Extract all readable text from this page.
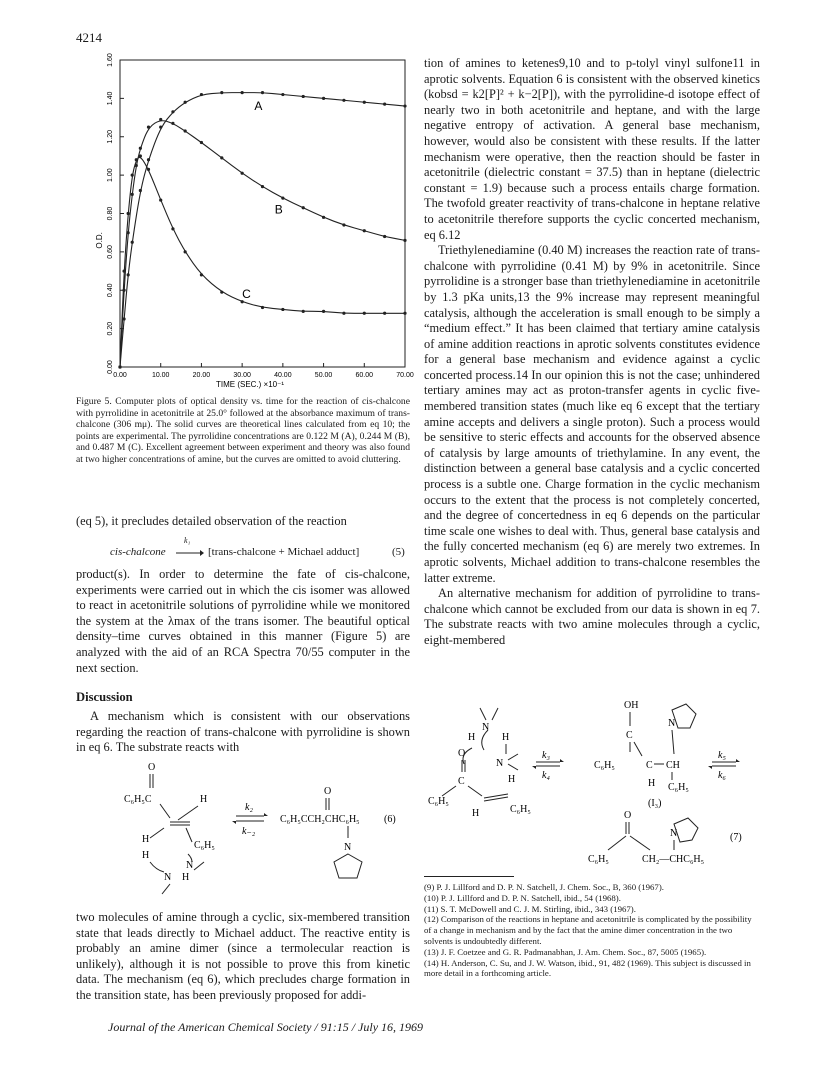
4214
0.00
0.20
0.40
0.60
0.80
1.00
1.20
1.40
1.60
0.00	10.00	20.00	30.00	40.00	50.00	60.00	70.00
A
B
C
O.D.
TIME (SEC.) ×10⁻¹
Figure 5. Computer plots of optical density vs. time for the reaction of cis-chalcone with pyrrolidine in acetonitrile at 25.0° followed at the absorbance maximum of trans-chalcone (306 mμ). The solid curves are theoretical lines calculated from eq 10; the points are experimental. The pyrrolidine concentrations are 0.122 M (A), 0.244 M (B), and 0.487 M (C). Excellent agreement between experiment and theory was also found at two higher concentrations of amine, but the curves are omitted to avoid cluttering.

(eq 5), it precludes detailed observation of the reaction

cis-chalcone
k₁
[trans-chalcone + Michael adduct]	(5)

product(s). In order to determine the fate of cis-chalcone, experiments were carried out in which the cis isomer was allowed to react in acetonitrile solutions of pyrrolidine while we monitored the system at the λmax of the trans isomer. The beautiful optical density–time curves obtained in this manner (Figure 5) are analyzed with the aid of an RCA Spectra 70/55 computer in the next section.

Discussion

A mechanism which is consistent with our observations regarding the reaction of trans-chalcone with pyrrolidine is shown in eq 6. The substrate reacts with

O
C₆H₅C	H
H
C₆H₅
H
N
N H
k₂
k₋₂
O
C₆H₅CCH₂CHC₆H₅
N
(6)

two molecules of amine through a cyclic, six-membered transition state that leads directly to Michael adduct. The reactive entity is probably an amine dimer (since a termolecular reaction is unlikely), although it is not possible to prove this from kinetic data. The mechanism (eq 6), which precludes charge formation in the transition state, has been previously proposed for addi-

tion of amines to ketenes9,10 and to p-tolyl vinyl sulfone11 in aprotic solvents. Equation 6 is consistent with the observed kinetics (kobsd = k2[P]² + k−2[P]), with the pyrrolidine-d isotope effect of nearly two in both acetonitrile and heptane, and with the large negative entropy of activation. A general base mechanism, however, would also be consistent with these results. If the latter mechanism were operative, then the reaction should be faster in acetonitrile (dielectric constant = 37.5) than in heptane (dielectric constant = 1.9) because such a process entails charge formation. The twofold greater reactivity of trans-chalcone in heptane relative to acetonitrile therefore supports the cyclic concerted mechanism, eq 6.12

Triethylenediamine (0.40 M) increases the reaction rate of trans-chalcone with pyrrolidine (0.41 M) by 9% in acetonitrile. Since pyrrolidine is a stronger base than triethylenediamine in acetonitrile by 1.3 pKa units,13 the 9% increase may represent meaningful catalysis, although the acceleration is small enough to be simply a “medium effect.” It has been claimed that tertiary amine catalysis of amine addition reactions in aprotic solvents constitutes evidence for a general base mechanism and evidence against a cyclic concerted process.14 In our opinion this is not the case; unhindered tertiary amines may act as proton-transfer agents in cyclic five-membered transition states (much like eq 6 except that the tertiary amine accepts and delivers a single proton). Such a process would be sensitive to steric effects and accounts for the observed absence of catalysis by large amounts of triethylamine. In any event, the distinction between a general base catalysis and a cyclic concerted process is a subtle one. Charge formation in the cyclic mechanism occurs to the extent that the process is not completely concerted, and the degree of concertedness in eq 6 depends on the particular time scale one wishes to deal with. Thus, general base catalysis and the fully concerted mechanism (eq 6) are merely two extremes. In aprotic solvents, Michael addition to trans-chalcone resembles the latter extreme.

An alternative mechanism for addition of pyrrolidine to trans-chalcone which cannot be excluded from our data is shown in eq 7. The substrate reacts with two amine molecules through a cyclic, eight-membered

N
H	H
O
N
C	H
C₆H₅
H	C₆H₅
k₃
k₄
OH
C
C₆H₅	C CH
N
H C₆H₅
(I₃)
k₅
k₆
O
C₆H₅	CH₂—CHC₆H₅
N	(7)
(9) P. J. Lillford and D. P. N. Satchell, J. Chem. Soc., B, 360 (1967).
(10) P. J. Lillford and D. P. N. Satchell, ibid., 54 (1968).
(11) S. T. McDowell and C. J. M. Stirling, ibid., 343 (1967).
(12) Comparison of the reactions in heptane and acetonitrile is complicated by the possibility of a change in mechanism and by the fact that the amine dimer concentration in the two solvents is undoubtedly different.
(13) J. F. Coetzee and G. R. Padmanabhan, J. Am. Chem. Soc., 87, 5005 (1965).
(14) H. Anderson, C. Su, and J. W. Watson, ibid., 91, 482 (1969). This subject is discussed in more detail in a forthcoming article.
Journal of the American Chemical Society / 91:15 / July 16, 1969
